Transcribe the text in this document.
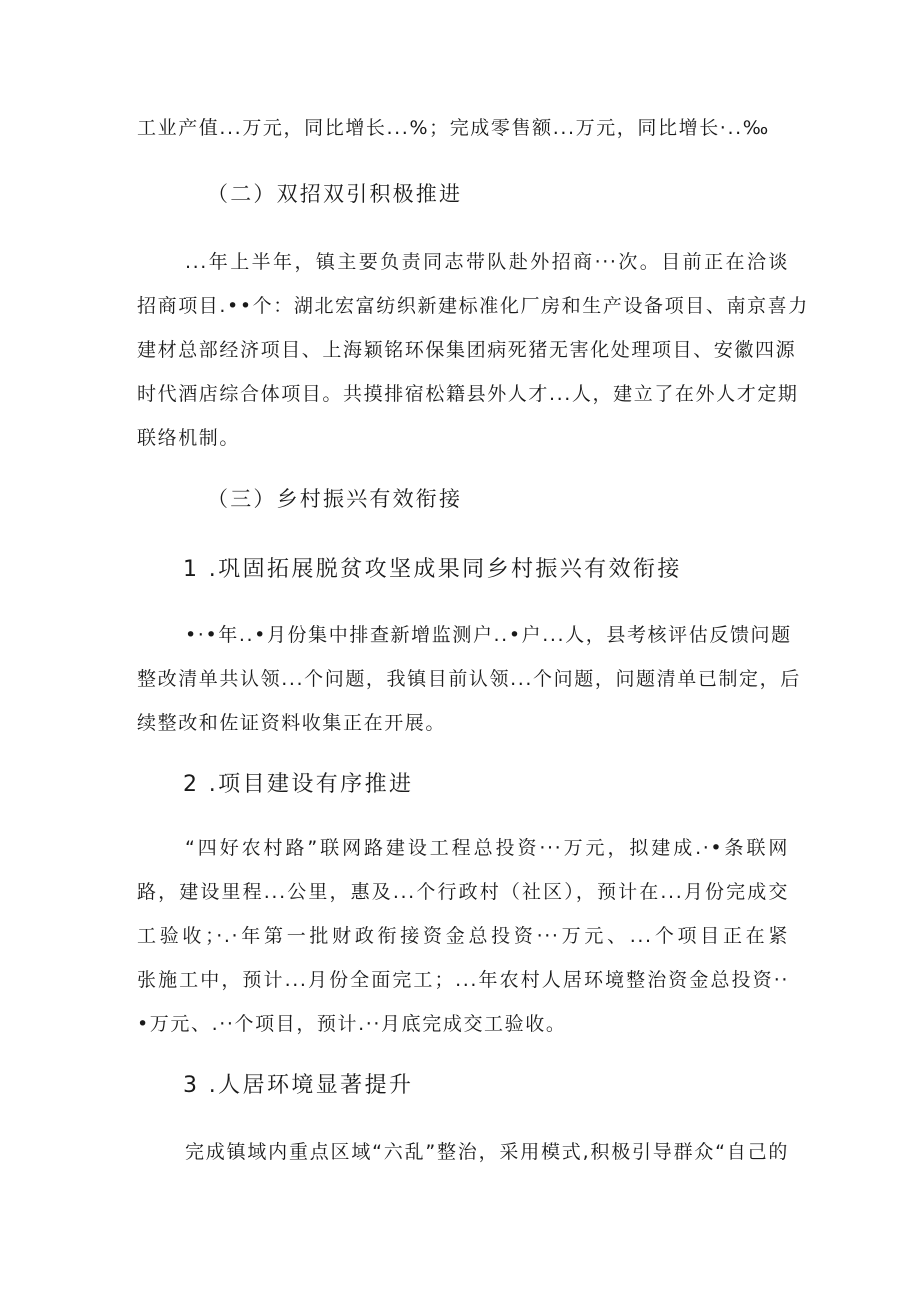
工业产值...万元，同比增长...%；完成零售额...万元，同比增长·..‰
（二）双招双引积极推进
...年上半年，镇主要负责同志带队赴外招商···次。目前正在洽谈
招商项目.••个：湖北宏富纺织新建标准化厂房和生产设备项目、南京喜力
建材总部经济项目、上海颖铭环保集团病死猪无害化处理项目、安徽四源
时代酒店综合体项目。共摸排宿松籍县外人才...人，建立了在外人才定期
联络机制。
（三）乡村振兴有效衔接
1 .巩固拓展脱贫攻坚成果同乡村振兴有效衔接
•·•年..•月份集中排查新增监测户..•户...人，县考核评估反馈问题
整改清单共认领...个问题，我镇目前认领...个问题，问题清单已制定，后
续整改和佐证资料收集正在开展。
2 .项目建设有序推进
“四好农村路”联网路建设工程总投资···万元，拟建成.·•条联网
路，建设里程...公里，惠及...个行政村（社区），预计在...月份完成交
工验收；·.·年第一批财政衔接资金总投资···万元、...个项目正在紧
张施工中，预计...月份全面完工；...年农村人居环境整治资金总投资··
•万元、.··个项目，预计.··月底完成交工验收。
3 .人居环境显著提升
完成镇域内重点区域“六乱”整治，采用模式,积极引导群众“自己的
